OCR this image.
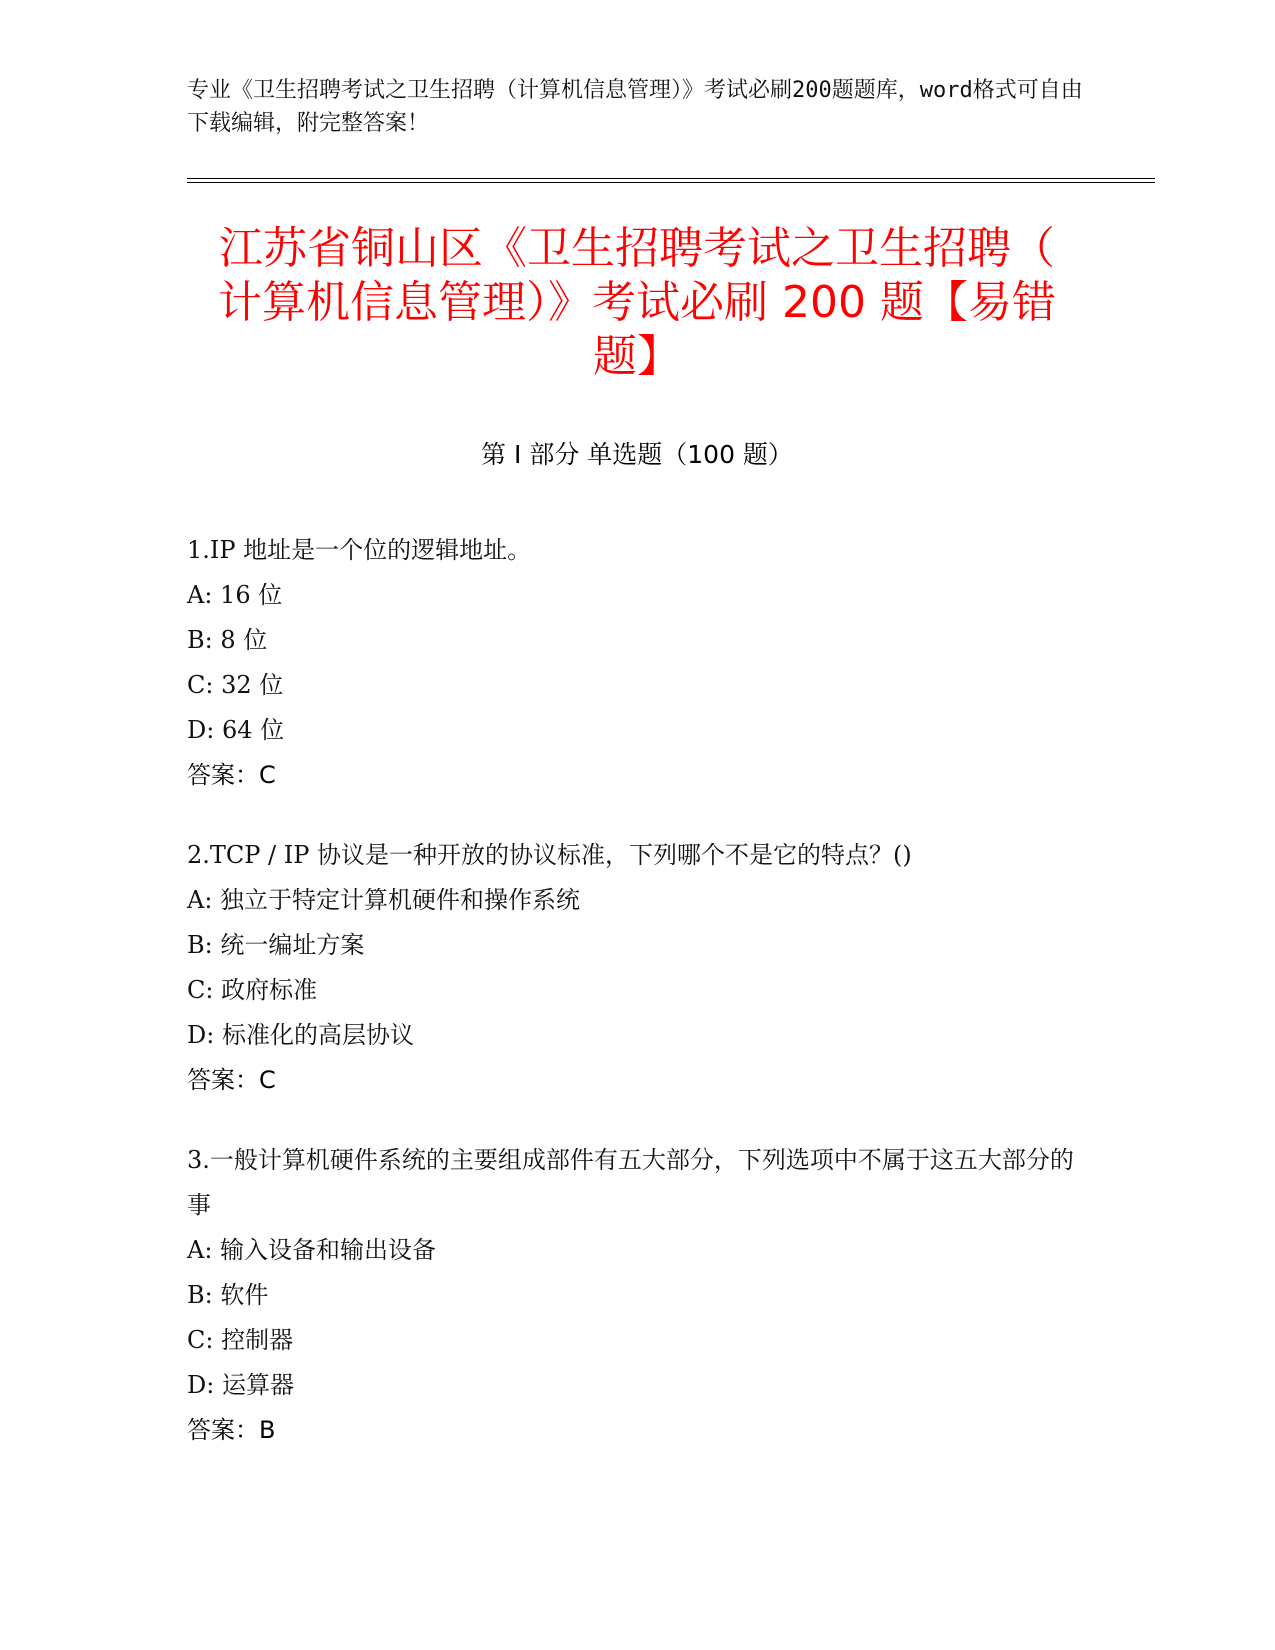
专业《卫生招聘考试之卫生招聘（计算机信息管理）》考试必刷200题题库，word格式可自由下载编辑，附完整答案！
江苏省铜山区《卫生招聘考试之卫生招聘（
计算机信息管理）》考试必刷 200 题【易错
题】
第 I 部分 单选题（100 题）
1.IP 地址是一个位的逻辑地址。
A: 16 位
B: 8 位
C: 32 位
D: 64 位
答案：C
2.TCP / IP 协议是一种开放的协议标准，下列哪个不是它的特点？()
A: 独立于特定计算机硬件和操作系统
B: 统一编址方案
C: 政府标准
D: 标准化的高层协议
答案：C
3.一般计算机硬件系统的主要组成部件有五大部分，下列选项中不属于这五大部分的事
A: 输入设备和输出设备
B: 软件
C: 控制器
D: 运算器
答案：B
